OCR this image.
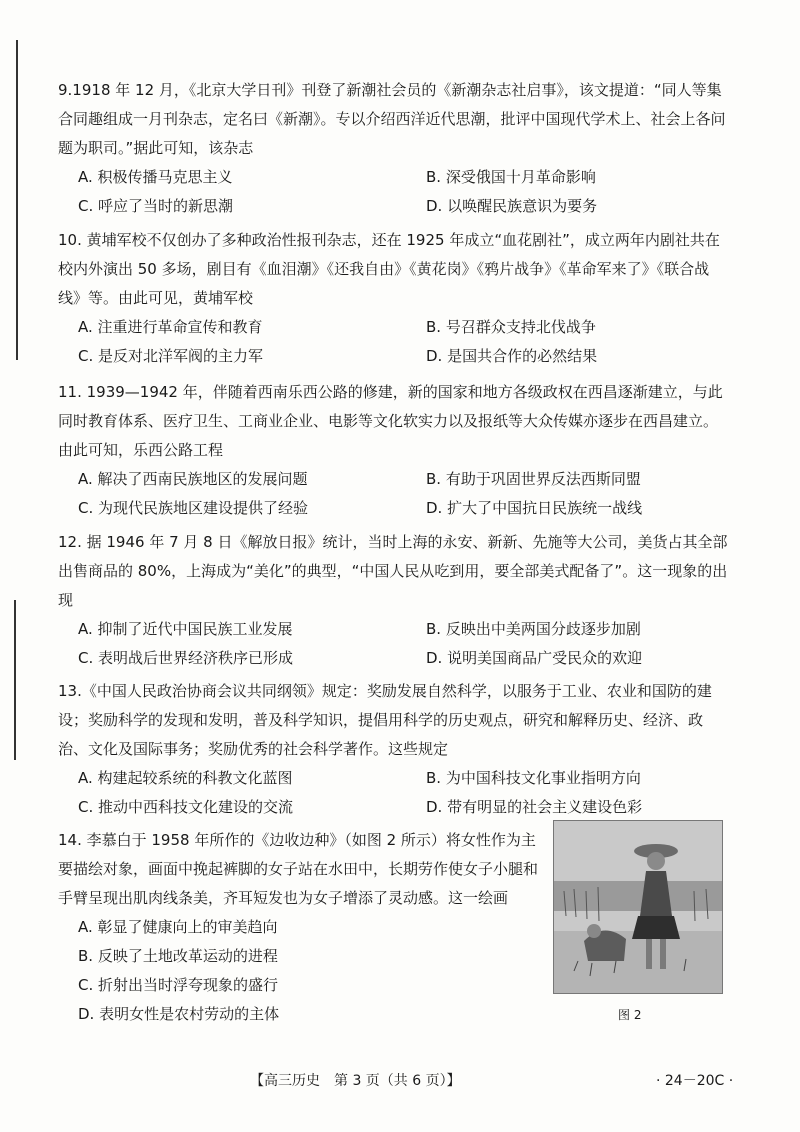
9.1918 年 12 月，《北京大学日刊》刊登了新潮社会员的《新潮杂志社启事》，该文提道：“同人等集合同趣组成一月刊杂志，定名曰《新潮》。专以介绍西洋近代思潮，批评中国现代学术上、社会上各问题为职司。”据此可知，该杂志
A. 积极传播马克思主义	B. 深受俄国十月革命影响
C. 呼应了当时的新思潮	D. 以唤醒民族意识为要务
10. 黄埔军校不仅创办了多种政治性报刊杂志，还在 1925 年成立“血花剧社”，成立两年内剧社共在校内外演出 50 多场，剧目有《血泪潮》《还我自由》《黄花岗》《鸦片战争》《革命军来了》《联合战线》等。由此可见，黄埔军校
A. 注重进行革命宣传和教育	B. 号召群众支持北伐战争
C. 是反对北洋军阀的主力军	D. 是国共合作的必然结果
11. 1939—1942 年，伴随着西南乐西公路的修建，新的国家和地方各级政权在西昌逐渐建立，与此同时教育体系、医疗卫生、工商业企业、电影等文化软实力以及报纸等大众传媒亦逐步在西昌建立。由此可知，乐西公路工程
A. 解决了西南民族地区的发展问题	B. 有助于巩固世界反法西斯同盟
C. 为现代民族地区建设提供了经验	D. 扩大了中国抗日民族统一战线
12. 据 1946 年 7 月 8 日《解放日报》统计，当时上海的永安、新新、先施等大公司，美货占其全部出售商品的 80%，上海成为“美化”的典型，“中国人民从吃到用，要全部美式配备了”。这一现象的出现
A. 抑制了近代中国民族工业发展	B. 反映出中美两国分歧逐步加剧
C. 表明战后世界经济秩序已形成	D. 说明美国商品广受民众的欢迎
13.《中国人民政治协商会议共同纲领》规定：奖励发展自然科学，以服务于工业、农业和国防的建设；奖励科学的发现和发明，普及科学知识，提倡用科学的历史观点，研究和解释历史、经济、政治、文化及国际事务；奖励优秀的社会科学著作。这些规定
A. 构建起较系统的科教文化蓝图	B. 为中国科技文化事业指明方向
C. 推动中西科技文化建设的交流	D. 带有明显的社会主义建设色彩
14. 李慕白于 1958 年所作的《边收边种》（如图 2 所示）将女性作为主要描绘对象，画面中挽起裤脚的女子站在水田中，长期劳作使女子小腿和手臂呈现出肌肉线条美，齐耳短发也为女子增添了灵动感。这一绘画
A. 彰显了健康向上的审美趋向
B. 反映了土地改革运动的进程
C. 折射出当时浮夸现象的盛行
D. 表明女性是农村劳动的主体	图 2
【高三历史　第 3 页（共 6 页）】	· 24－20C ·
